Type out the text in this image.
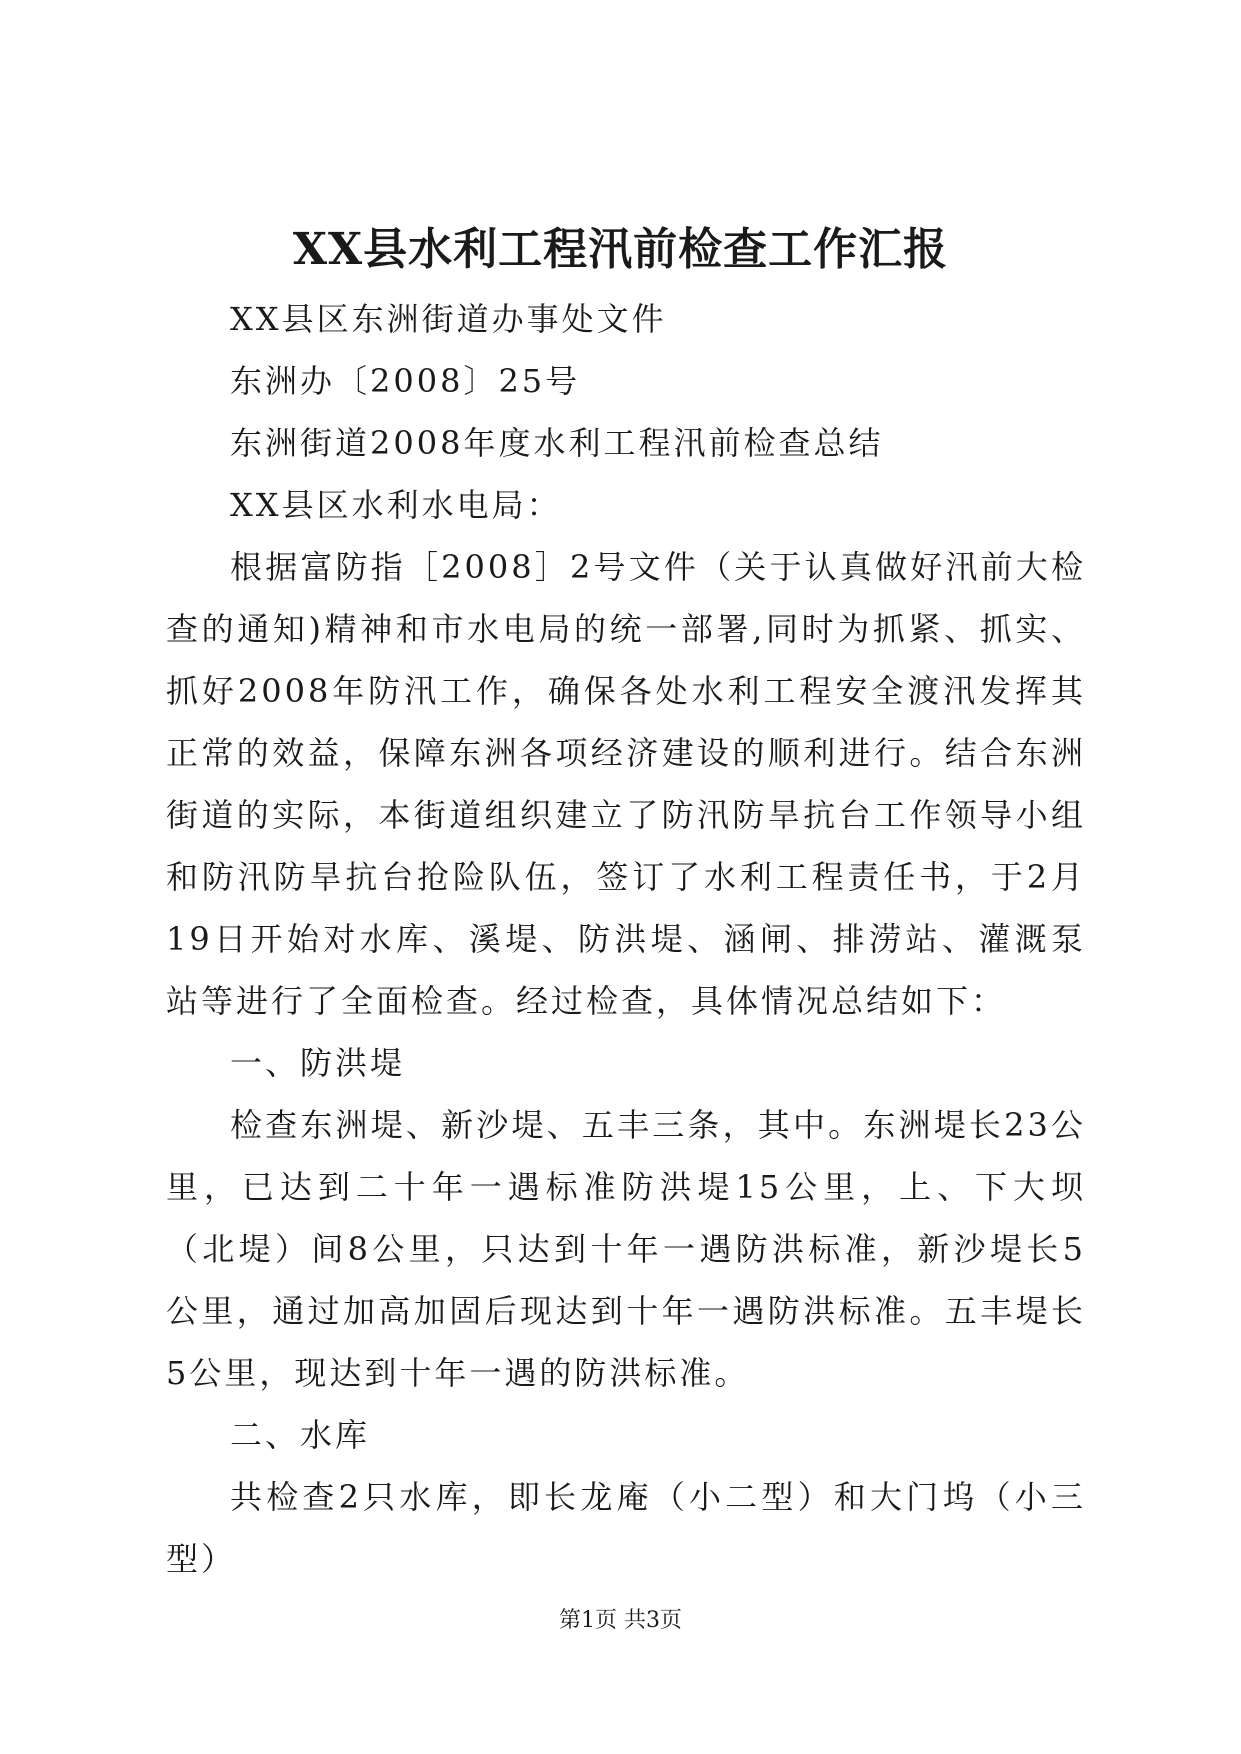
XX县水利工程汛前检查工作汇报

XX县区东洲街道办事处文件

东洲办〔2008〕25号

东洲街道2008年度水利工程汛前检查总结

XX县区水利水电局：

根据富防指［2008］2号文件（关于认真做好汛前大检查的通知)精神和市水电局的统一部署,同时为抓紧、抓实、抓好2008年防汛工作，确保各处水利工程安全渡汛发挥其正常的效益，保障东洲各项经济建设的顺利进行。结合东洲街道的实际，本街道组织建立了防汛防旱抗台工作领导小组和防汛防旱抗台抢险队伍，签订了水利工程责任书，于2月19日开始对水库、溪堤、防洪堤、涵闸、排涝站、灌溉泵站等进行了全面检查。经过检查，具体情况总结如下：

一、防洪堤

检查东洲堤、新沙堤、五丰三条，其中。东洲堤长23公里，已达到二十年一遇标准防洪堤15公里，上、下大坝（北堤）间8公里，只达到十年一遇防洪标准，新沙堤长5公里，通过加高加固后现达到十年一遇防洪标准。五丰堤长5公里，现达到十年一遇的防洪标准。

二、水库

共检查2只水库，即长龙庵（小二型）和大门坞（小三型）

第1页 共3页
